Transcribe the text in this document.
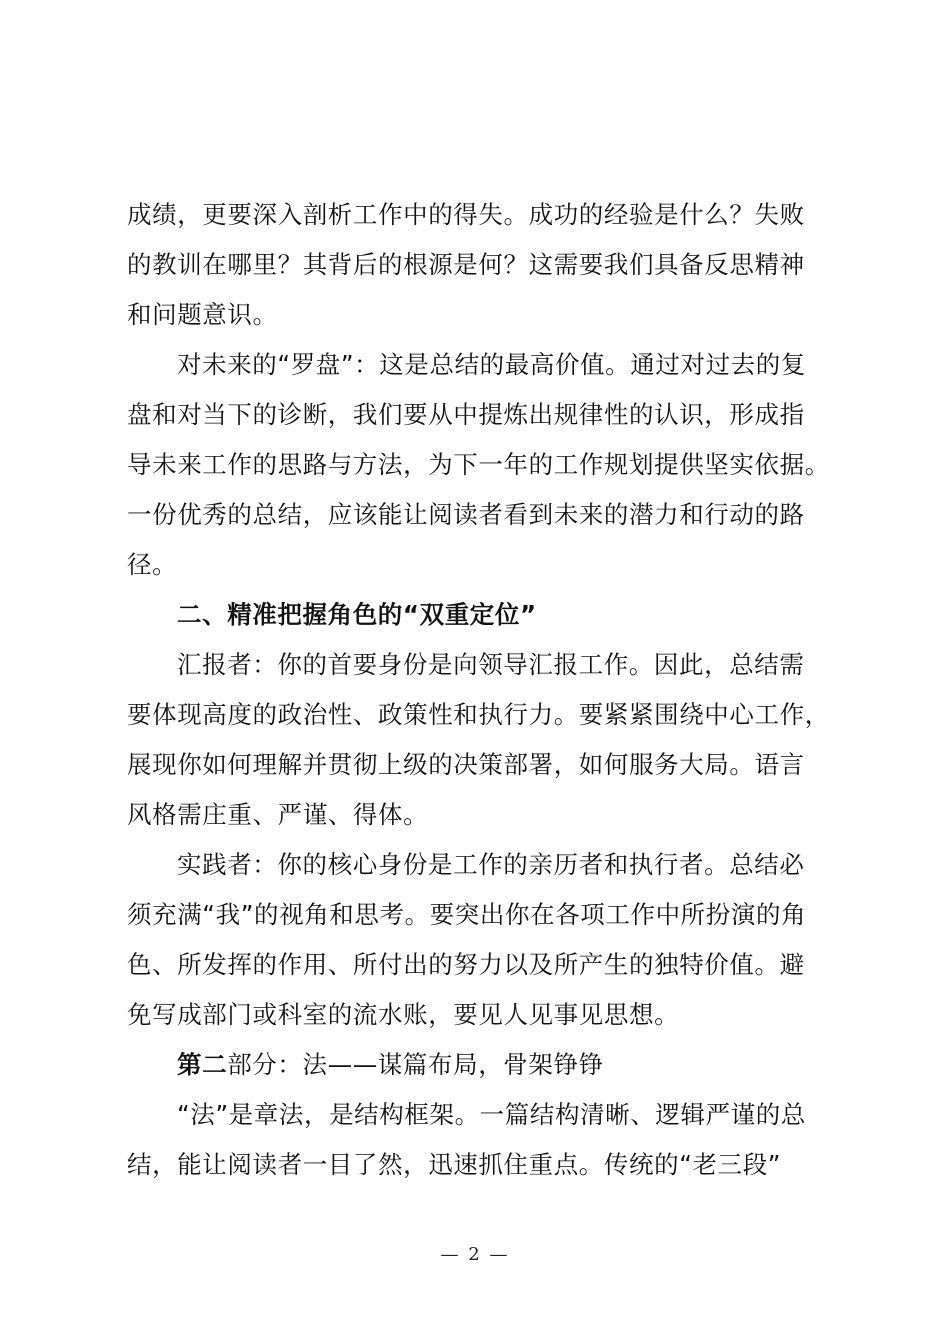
成绩，更要深入剖析工作中的得失。成功的经验是什么？失败
的教训在哪里？其背后的根源是何？这需要我们具备反思精神
和问题意识。
对未来的“罗盘”：这是总结的最高价值。通过对过去的复
盘和对当下的诊断，我们要从中提炼出规律性的认识，形成指
导未来工作的思路与方法，为下一年的工作规划提供坚实依据。
一份优秀的总结，应该能让阅读者看到未来的潜力和行动的路
径。
二、精准把握角色的“双重定位”
汇报者：你的首要身份是向领导汇报工作。因此，总结需
要体现高度的政治性、政策性和执行力。要紧紧围绕中心工作，
展现你如何理解并贯彻上级的决策部署，如何服务大局。语言
风格需庄重、严谨、得体。
实践者：你的核心身份是工作的亲历者和执行者。总结必
须充满“我”的视角和思考。要突出你在各项工作中所扮演的角
色、所发挥的作用、所付出的努力以及所产生的独特价值。避
免写成部门或科室的流水账，要见人见事见思想。
第二部分：法——谋篇布局，骨架铮铮
“法”是章法，是结构框架。一篇结构清晰、逻辑严谨的总
结，能让阅读者一目了然，迅速抓住重点。传统的“老三段”
— 2 —
